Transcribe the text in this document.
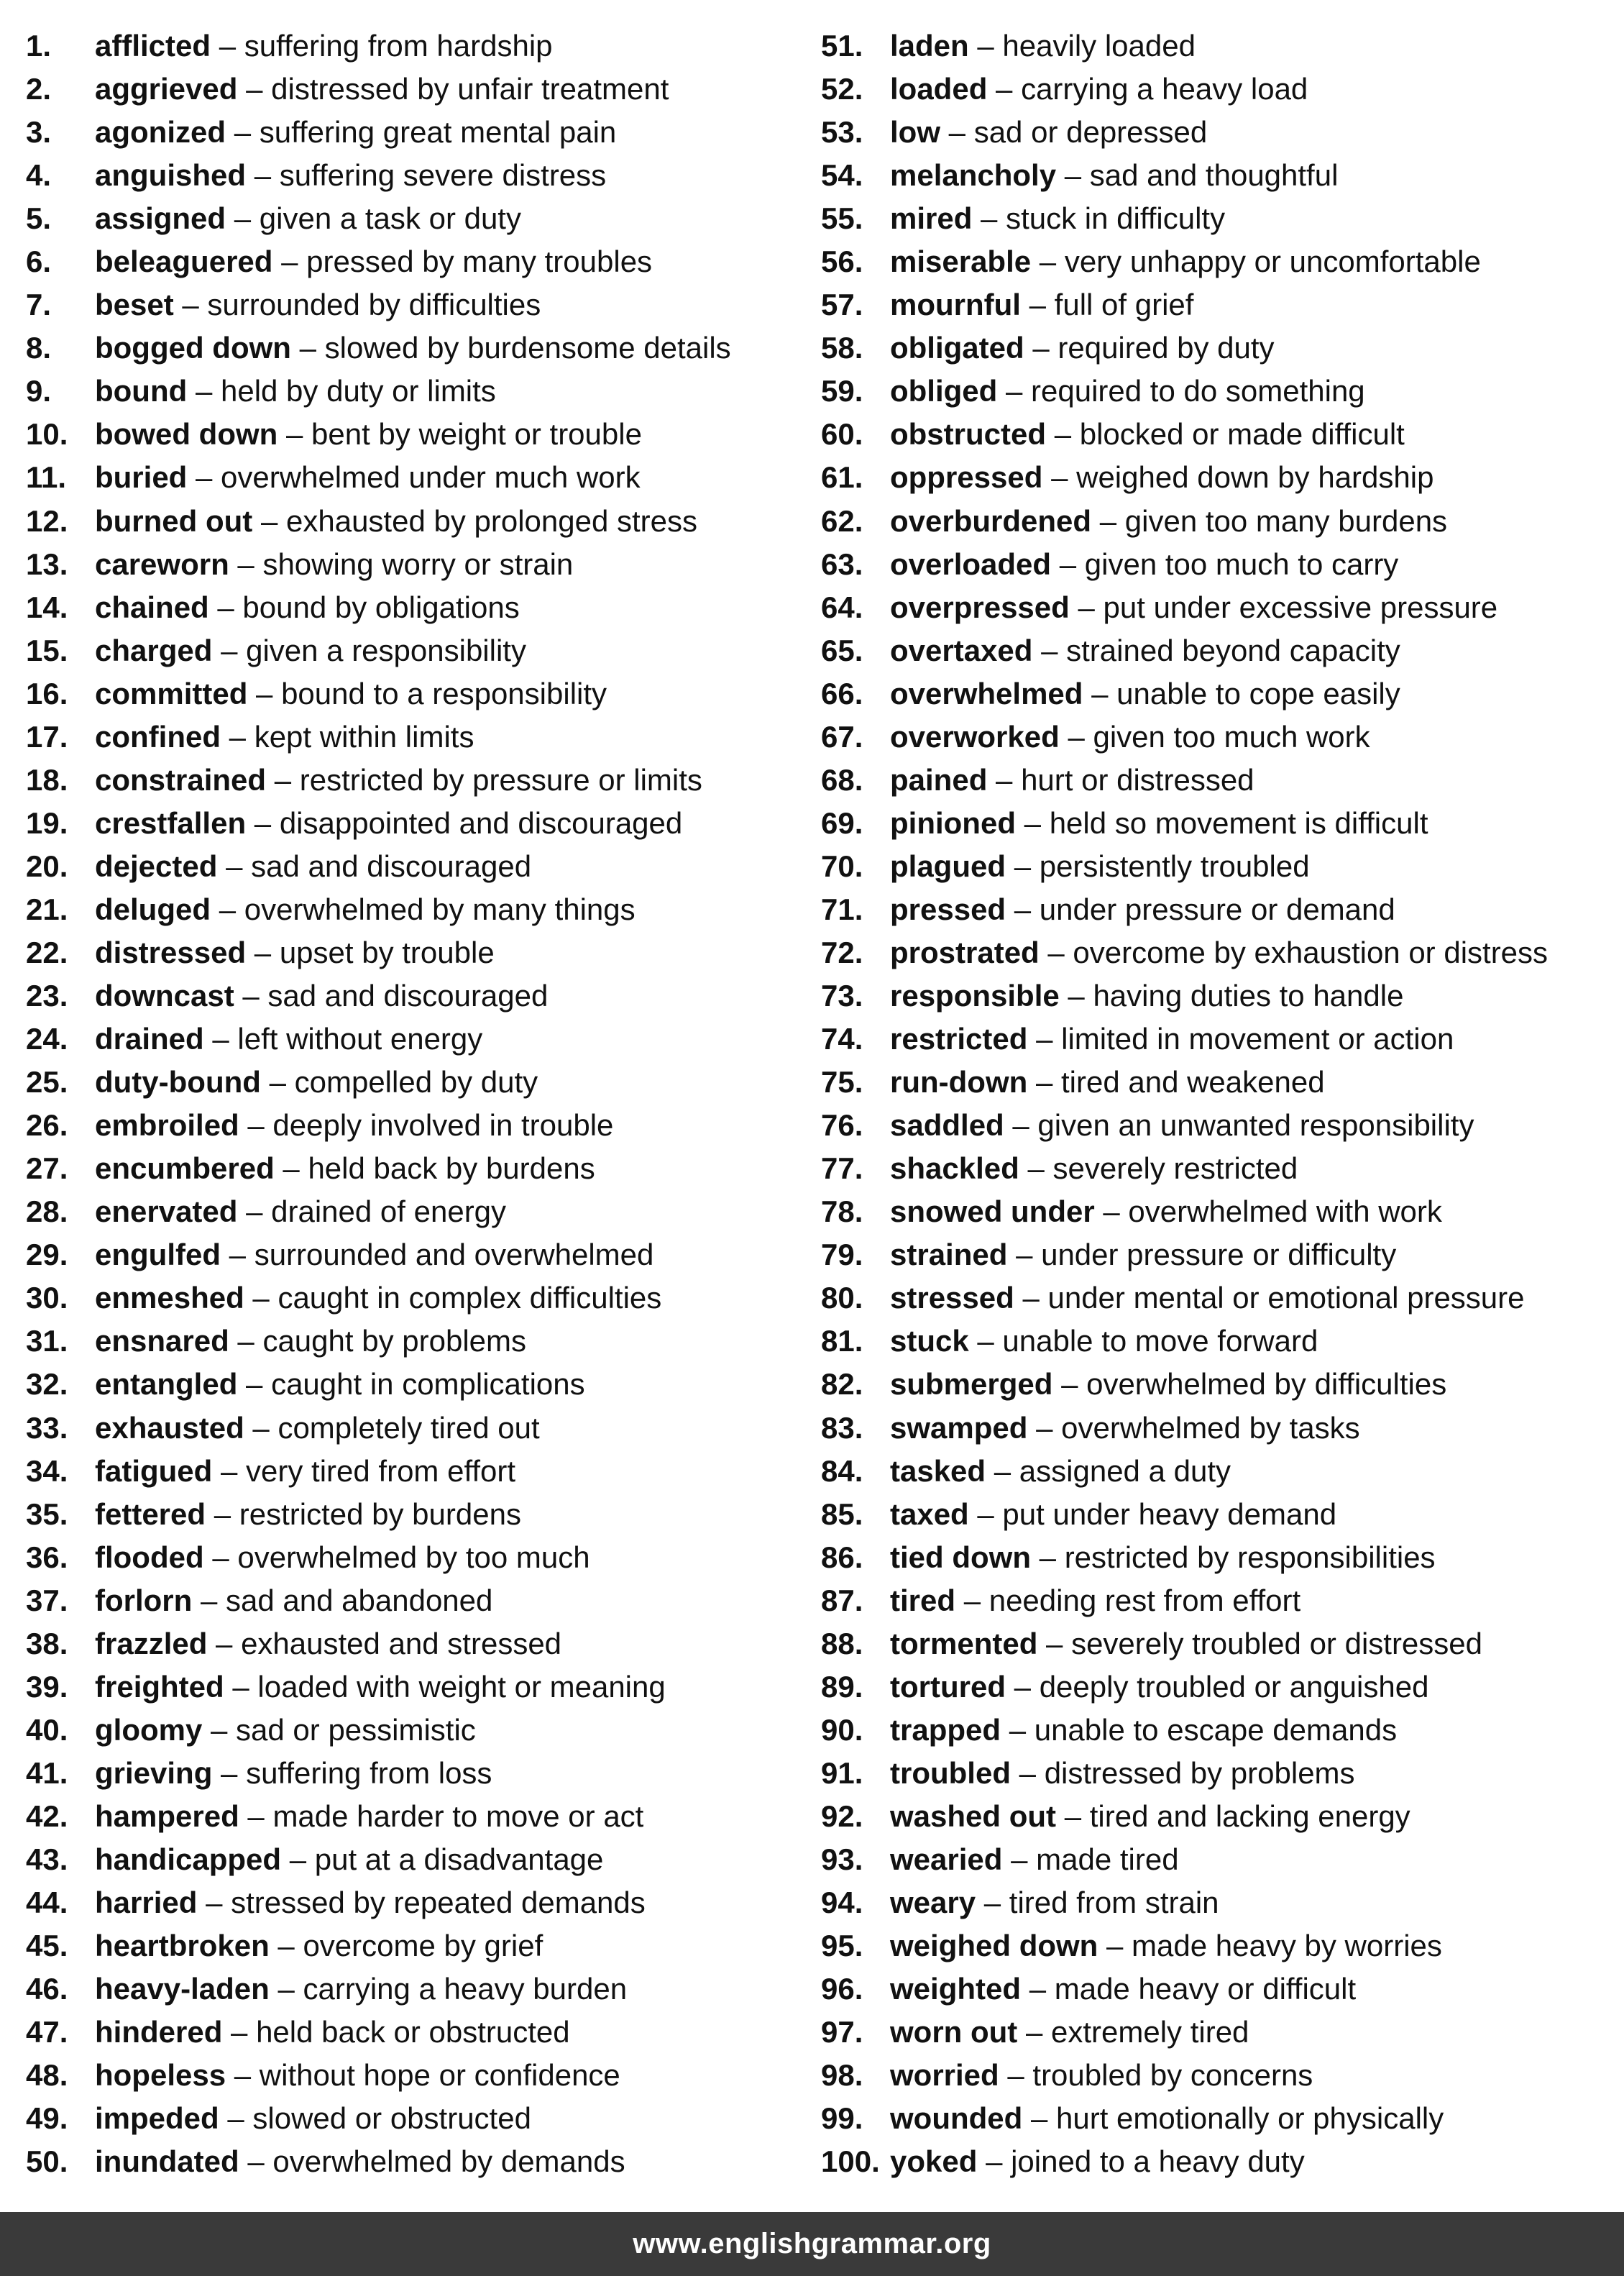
1. afflicted – suffering from hardship
2. aggrieved – distressed by unfair treatment
3. agonized – suffering great mental pain
4. anguished – suffering severe distress
5. assigned – given a task or duty
6. beleaguered – pressed by many troubles
7. beset – surrounded by difficulties
8. bogged down – slowed by burdensome details
9. bound – held by duty or limits
10. bowed down – bent by weight or trouble
11. buried – overwhelmed under much work
12. burned out – exhausted by prolonged stress
13. careworn – showing worry or strain
14. chained – bound by obligations
15. charged – given a responsibility
16. committed – bound to a responsibility
17. confined – kept within limits
18. constrained – restricted by pressure or limits
19. crestfallen – disappointed and discouraged
20. dejected – sad and discouraged
21. deluged – overwhelmed by many things
22. distressed – upset by trouble
23. downcast – sad and discouraged
24. drained – left without energy
25. duty-bound – compelled by duty
26. embroiled – deeply involved in trouble
27. encumbered – held back by burdens
28. enervated – drained of energy
29. engulfed – surrounded and overwhelmed
30. enmeshed – caught in complex difficulties
31. ensnared – caught by problems
32. entangled – caught in complications
33. exhausted – completely tired out
34. fatigued – very tired from effort
35. fettered – restricted by burdens
36. flooded – overwhelmed by too much
37. forlorn – sad and abandoned
38. frazzled – exhausted and stressed
39. freighted – loaded with weight or meaning
40. gloomy – sad or pessimistic
41. grieving – suffering from loss
42. hampered – made harder to move or act
43. handicapped – put at a disadvantage
44. harried – stressed by repeated demands
45. heartbroken – overcome by grief
46. heavy-laden – carrying a heavy burden
47. hindered – held back or obstructed
48. hopeless – without hope or confidence
49. impeded – slowed or obstructed
50. inundated – overwhelmed by demands
51. laden – heavily loaded
52. loaded – carrying a heavy load
53. low – sad or depressed
54. melancholy – sad and thoughtful
55. mired – stuck in difficulty
56. miserable – very unhappy or uncomfortable
57. mournful – full of grief
58. obligated – required by duty
59. obliged – required to do something
60. obstructed – blocked or made difficult
61. oppressed – weighed down by hardship
62. overburdened – given too many burdens
63. overloaded – given too much to carry
64. overpressed – put under excessive pressure
65. overtaxed – strained beyond capacity
66. overwhelmed – unable to cope easily
67. overworked – given too much work
68. pained – hurt or distressed
69. pinioned – held so movement is difficult
70. plagued – persistently troubled
71. pressed – under pressure or demand
72. prostrated – overcome by exhaustion or distress
73. responsible – having duties to handle
74. restricted – limited in movement or action
75. run-down – tired and weakened
76. saddled – given an unwanted responsibility
77. shackled – severely restricted
78. snowed under – overwhelmed with work
79. strained – under pressure or difficulty
80. stressed – under mental or emotional pressure
81. stuck – unable to move forward
82. submerged – overwhelmed by difficulties
83. swamped – overwhelmed by tasks
84. tasked – assigned a duty
85. taxed – put under heavy demand
86. tied down – restricted by responsibilities
87. tired – needing rest from effort
88. tormented – severely troubled or distressed
89. tortured – deeply troubled or anguished
90. trapped – unable to escape demands
91. troubled – distressed by problems
92. washed out – tired and lacking energy
93. wearied – made tired
94. weary – tired from strain
95. weighed down – made heavy by worries
96. weighted – made heavy or difficult
97. worn out – extremely tired
98. worried – troubled by concerns
99. wounded – hurt emotionally or physically
100. yoked – joined to a heavy duty
www.englishgrammar.org
